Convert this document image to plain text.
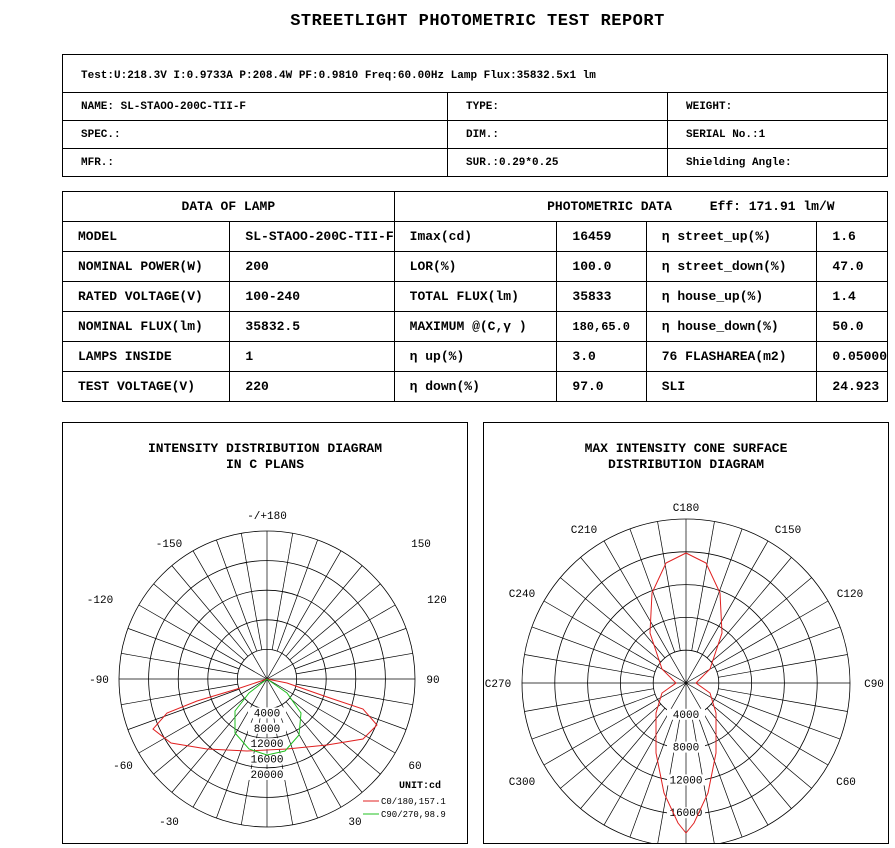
STREETLIGHT PHOTOMETRIC TEST REPORT
Test:U:218.3V I:0.9733A P:208.4W PF:0.9810 Freq:60.00Hz Lamp Flux:35832.5x1 lm		
NAME: SL-STAOO-200C-TII-F	TYPE:	WEIGHT:
SPEC.:	DIM.:	SERIAL No.:1
MFR.:	SUR.:0.29*0.25	Shielding Angle:
DATA OF LAMP		PHOTOMETRIC DATA Eff: 171.91 lm/W			
MODEL	SL-STAOO-200C-TII-F	Imax(cd)	16459	η street_up(%)	1.6
NOMINAL POWER(W)	200	LOR(%)	100.0	η street_down(%)	47.0
RATED VOLTAGE(V)	100-240	TOTAL FLUX(lm)	35833	η house_up(%)	1.4
NOMINAL FLUX(lm)	35832.5	MAXIMUM @(C,γ )	180,65.0	η house_down(%)	50.0
LAMPS INSIDE	1	η up(%)	3.0	76 FLASHAREA(m2)	0.05000
TEST VOLTAGE(V)	220	η down(%)	97.0	SLI	24.923
INTENSITY DISTRIBUTION DIAGRAM
IN C PLANS
-/+180
150
120
90
60
30
-30
-60
-90
-120
-150
4000
8000
12000
16000
20000
UNIT:cd
C0/180,157.1
C90/270,98.9
MAX INTENSITY CONE SURFACE
DISTRIBUTION DIAGRAM
C180
C150
C120
C90
C60
C300
C270
C240
C210
4000
8000
12000
16000
